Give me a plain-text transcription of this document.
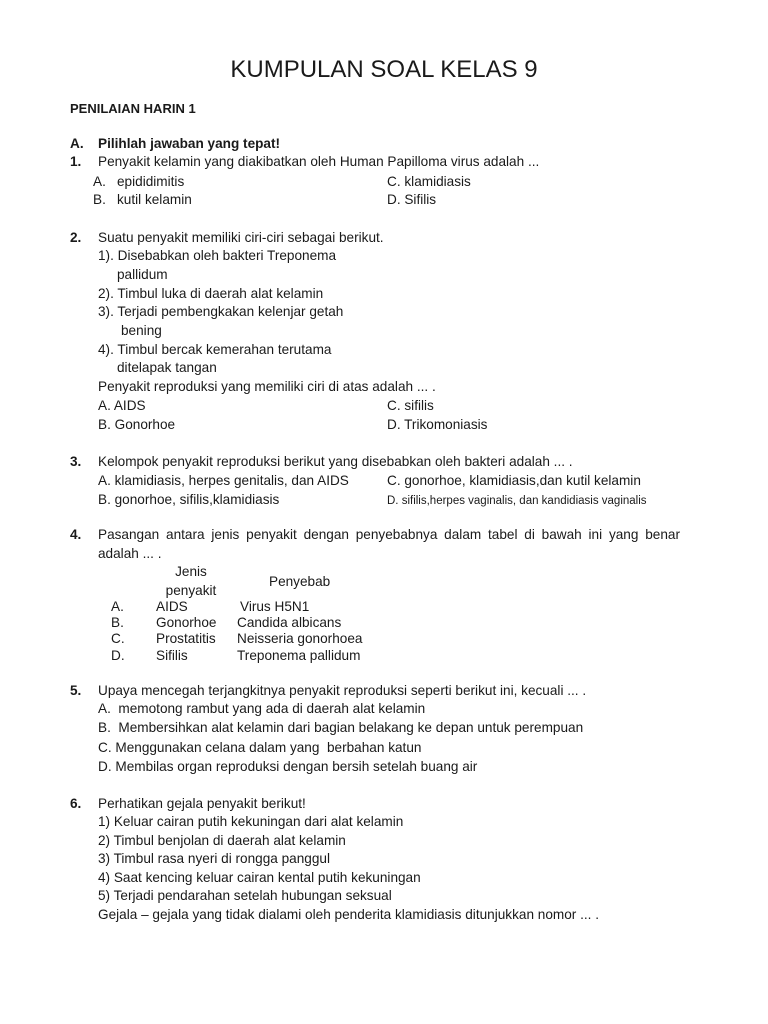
KUMPULAN SOAL KELAS 9
PENILAIAN HARIN 1
A. Pilihlah jawaban yang tepat!
1. Penyakit kelamin yang diakibatkan oleh Human Papilloma virus adalah ...
A. epididimitis
B. kutil kelamin
C. klamidiasis
D. Sifilis
2. Suatu penyakit memiliki ciri-ciri sebagai berikut.
1). Disebabkan oleh bakteri Treponema
pallidum
2). Timbul luka di daerah alat kelamin
3). Terjadi pembengkakan kelenjar getah
bening
4). Timbul bercak kemerahan terutama
ditelapak tangan
Penyakit reproduksi yang memiliki ciri di atas adalah ... .
A. AIDS
B. Gonorhoe
C. sifilis
D. Trikomoniasis
3. Kelompok penyakit reproduksi berikut yang disebabkan oleh bakteri adalah ... .
A. klamidiasis, herpes genitalis, dan AIDS
B. gonorhoe, sifilis,klamidiasis
C. gonorhoe, klamidiasis,dan kutil kelamin
D. sifilis,herpes vaginalis, dan kandidiasis vaginalis
4. Pasangan antara jenis penyakit dengan penyebabnya dalam tabel di bawah ini yang benar
adalah ... .
Jenis
penyakit
Penyebab
A. AIDS	Virus H5N1
B. Gonorhoe Candida albicans
C. Prostatitis Neisseria gonorhoea
D. Sifilis	Treponema pallidum
5. Upaya mencegah terjangkitnya penyakit reproduksi seperti berikut ini, kecuali ... .
A.  memotong rambut yang ada di daerah alat kelamin
B.  Membersihkan alat kelamin dari bagian belakang ke depan untuk perempuan
C. Menggunakan celana dalam yang  berbahan katun
D. Membilas organ reproduksi dengan bersih setelah buang air
6. Perhatikan gejala penyakit berikut!
1) Keluar cairan putih kekuningan dari alat kelamin
2) Timbul benjolan di daerah alat kelamin
3) Timbul rasa nyeri di rongga panggul
4) Saat kencing keluar cairan kental putih kekuningan
5) Terjadi pendarahan setelah hubungan seksual
Gejala – gejala yang tidak dialami oleh penderita klamidiasis ditunjukkan nomor ... .
